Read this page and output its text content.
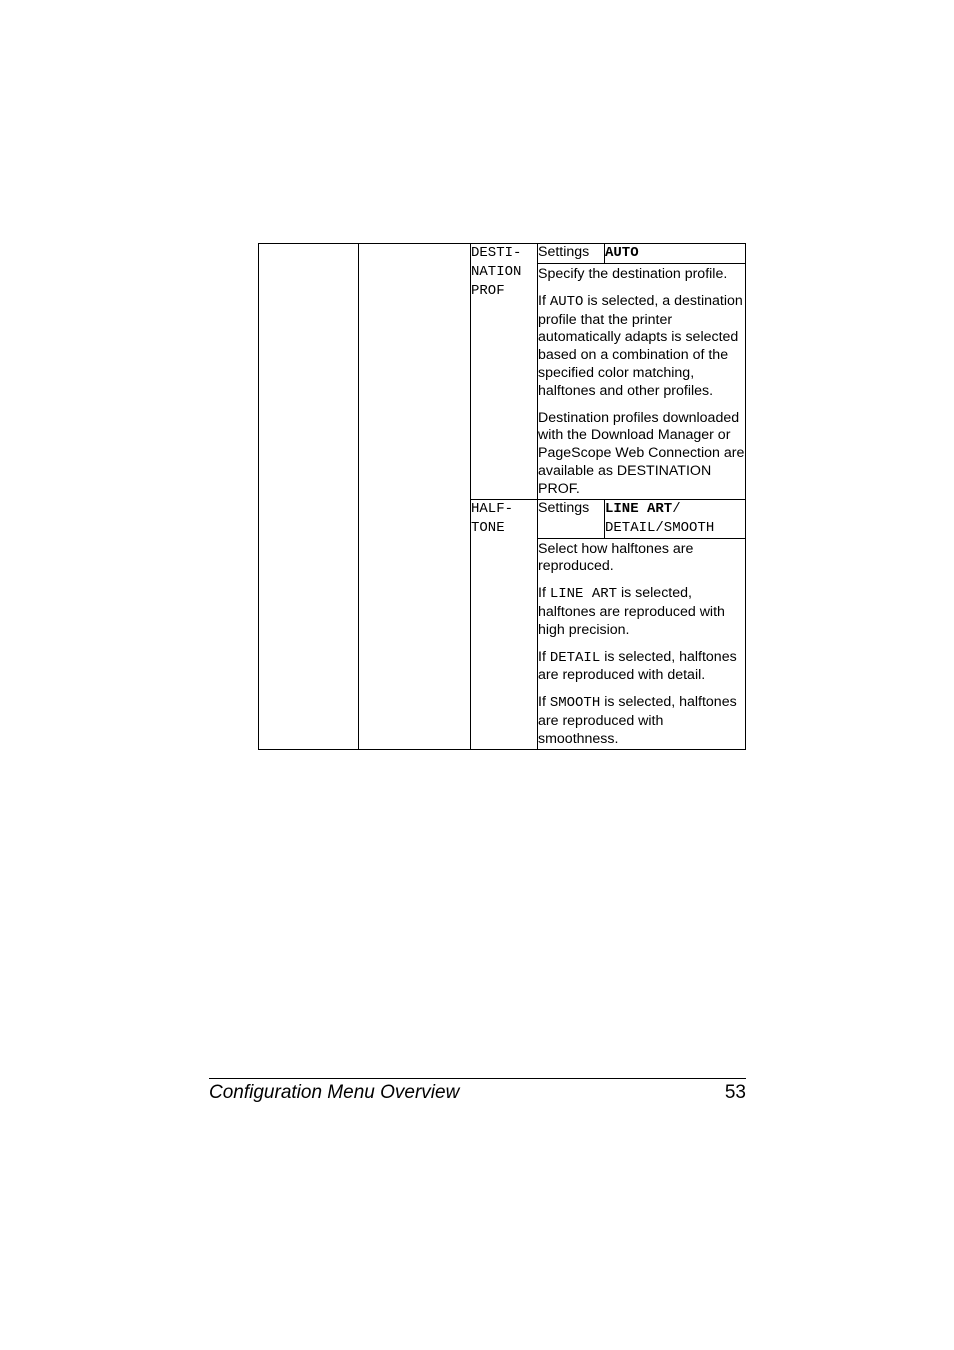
		DESTI-
NATION
PROF	Settings	AUTO

			Specify the destination profile.

If AUTO is selected, a destination profile that the printer automatically adapts is selected based on a combination of the specified color matching, halftones and other profiles.

Destination profiles downloaded with the Download Manager or PageScope Web Connection are available as DESTINATION PROF.	

		HALF-
TONE	Settings	LINE ART/
DETAIL/SMOOTH

			Select how halftones are reproduced.

If LINE ART is selected, halftones are reproduced with high precision.

If DETAIL is selected, halftones are reproduced with detail.

If SMOOTH is selected, halftones are reproduced with smoothness.	

Configuration Menu Overview	53
